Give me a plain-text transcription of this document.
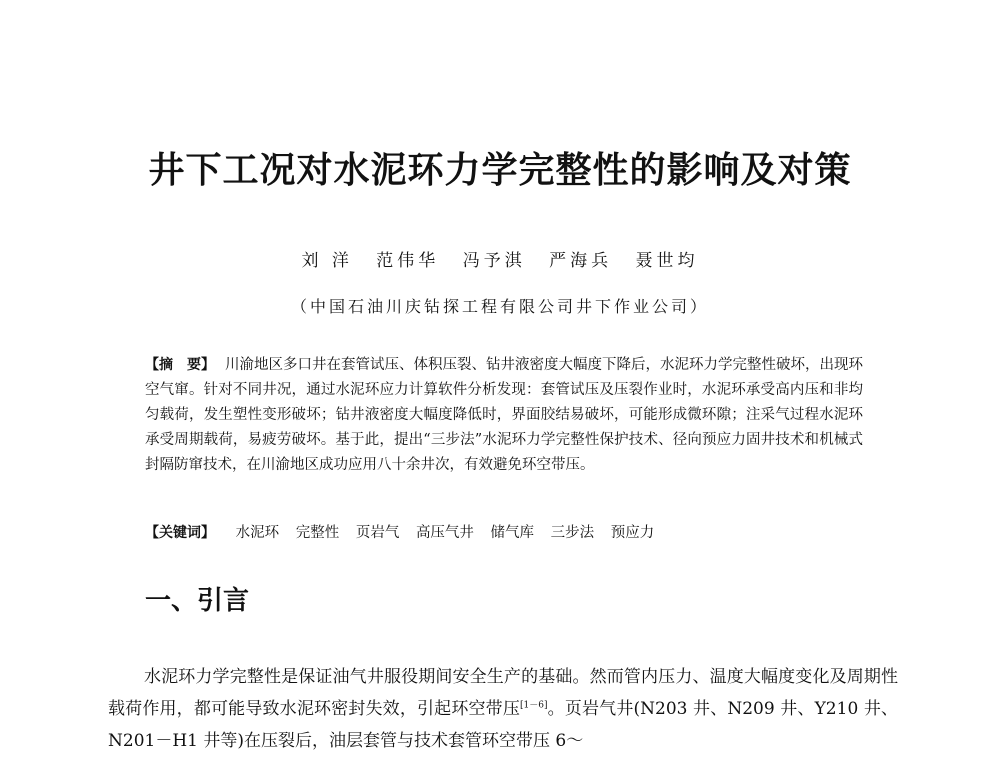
井下工况对水泥环力学完整性的影响及对策
刘 洋 范伟华 冯予淇 严海兵 聂世均
（中国石油川庆钻探工程有限公司井下作业公司）
【摘　要】 川渝地区多口井在套管试压、体积压裂、钻井液密度大幅度下降后，水泥环力学完整性破坏，出现环空气窜。针对不同井况，通过水泥环应力计算软件分析发现：套管试压及压裂作业时，水泥环承受高内压和非均匀载荷，发生塑性变形破坏；钻井液密度大幅度降低时，界面胶结易破坏，可能形成微环隙；注采气过程水泥环承受周期载荷，易疲劳破坏。基于此，提出“三步法”水泥环力学完整性保护技术、径向预应力固井技术和机械式封隔防窜技术，在川渝地区成功应用八十余井次，有效避免环空带压。
【关键词】 水泥环 完整性 页岩气 高压气井 储气库 三步法 预应力
一、引言

水泥环力学完整性是保证油气井服役期间安全生产的基础。然而管内压力、温度大幅度变化及周期性载荷作用，都可能导致水泥环密封失效，引起环空带压[1－6]。页岩气井(N203 井、N209 井、Y210 井、N201－H1 井等)在压裂后，油层套管与技术套管环空带压 6～
